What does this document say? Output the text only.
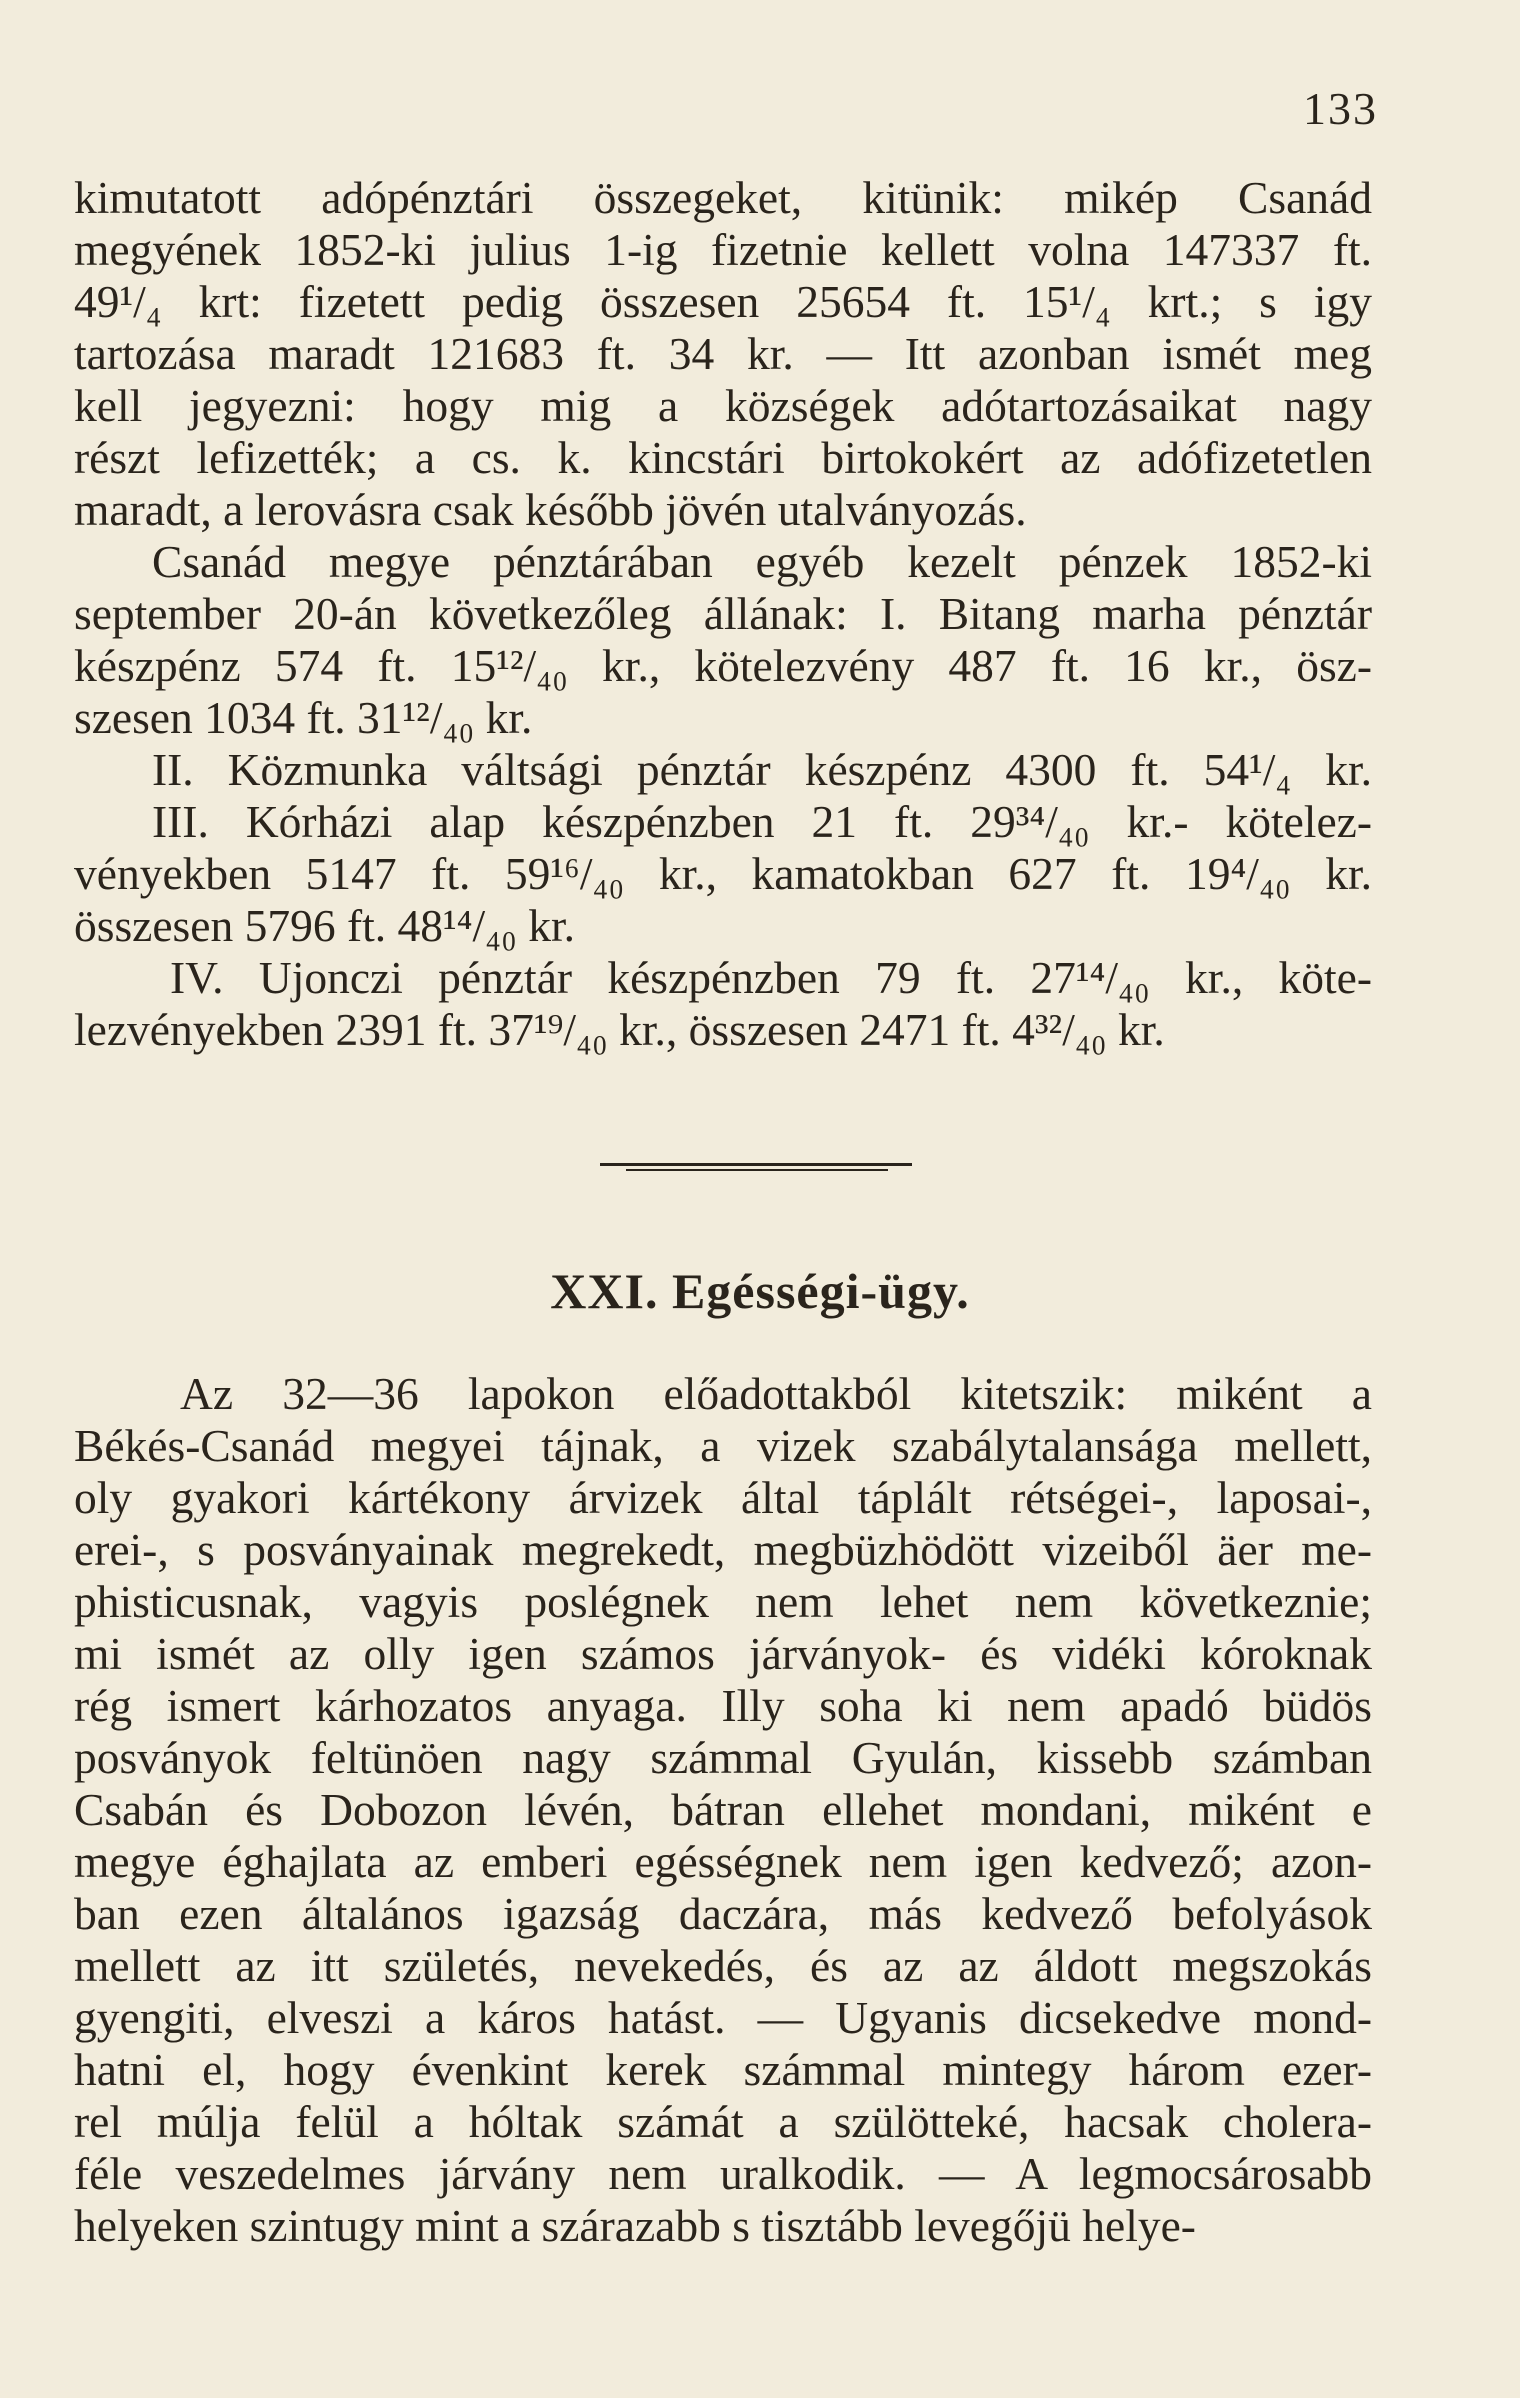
133
kimutatott adópénztári összegeket, kitünik: mikép Csanád
megyének 1852-ki julius 1-ig fizetnie kellett volna 147337 ft.
49¹/₄ krt: fizetett pedig összesen 25654 ft. 15¹/₄ krt.; s igy
tartozása maradt 121683 ft. 34 kr. — Itt azonban ismét meg
kell jegyezni: hogy mig a községek adótartozásaikat nagy
részt lefizették; a cs. k. kincstári birtokokért az adófizetetlen
maradt, a lerovásra csak később jövén utalványozás.
Csanád megye pénztárában egyéb kezelt pénzek 1852-ki
september 20-án következőleg állának: I. Bitang marha pénztár
készpénz 574 ft. 15¹²/₄₀ kr., kötelezvény 487 ft. 16 kr., ösz-
szesen 1034 ft. 31¹²/₄₀ kr.
II. Közmunka váltsági pénztár készpénz 4300 ft. 54¹/₄ kr.
III. Kórházi alap készpénzben 21 ft. 29³⁴/₄₀ kr.- kötelez-
vényekben 5147 ft. 59¹⁶/₄₀ kr., kamatokban 627 ft. 19⁴/₄₀ kr.
összesen 5796 ft. 48¹⁴/₄₀ kr.
IV. Ujonczi pénztár készpénzben 79 ft. 27¹⁴/₄₀ kr., köte-
lezvényekben 2391 ft. 37¹⁹/₄₀ kr., összesen 2471 ft. 4³²/₄₀ kr.
XXI. Egésségi-ügy.
Az 32—36 lapokon előadottakból kitetszik: miként a
Békés-Csanád megyei tájnak, a vizek szabálytalansága mellett,
oly gyakori kártékony árvizek által táplált rétségei-, laposai-,
erei-, s posványainak megrekedt, megbüzhödött vizeiből äer me-
phisticusnak, vagyis poslégnek nem lehet nem következnie;
mi ismét az olly igen számos járványok- és vidéki kóroknak
rég ismert kárhozatos anyaga. Illy soha ki nem apadó büdös
posványok feltünöen nagy számmal Gyulán, kissebb számban
Csabán és Dobozon lévén, bátran ellehet mondani, miként e
megye éghajlata az emberi egésségnek nem igen kedvező; azon-
ban ezen általános igazság daczára, más kedvező befolyások
mellett az itt születés, nevekedés, és az az áldott megszokás
gyengiti, elveszi a káros hatást. — Ugyanis dicsekedve mond-
hatni el, hogy évenkint kerek számmal mintegy három ezer-
rel múlja felül a hóltak számát a szülötteké, hacsak cholera-
féle veszedelmes járvány nem uralkodik. — A legmocsárosabb
helyeken szintugy mint a szárazabb s tisztább levegőjü helye-
